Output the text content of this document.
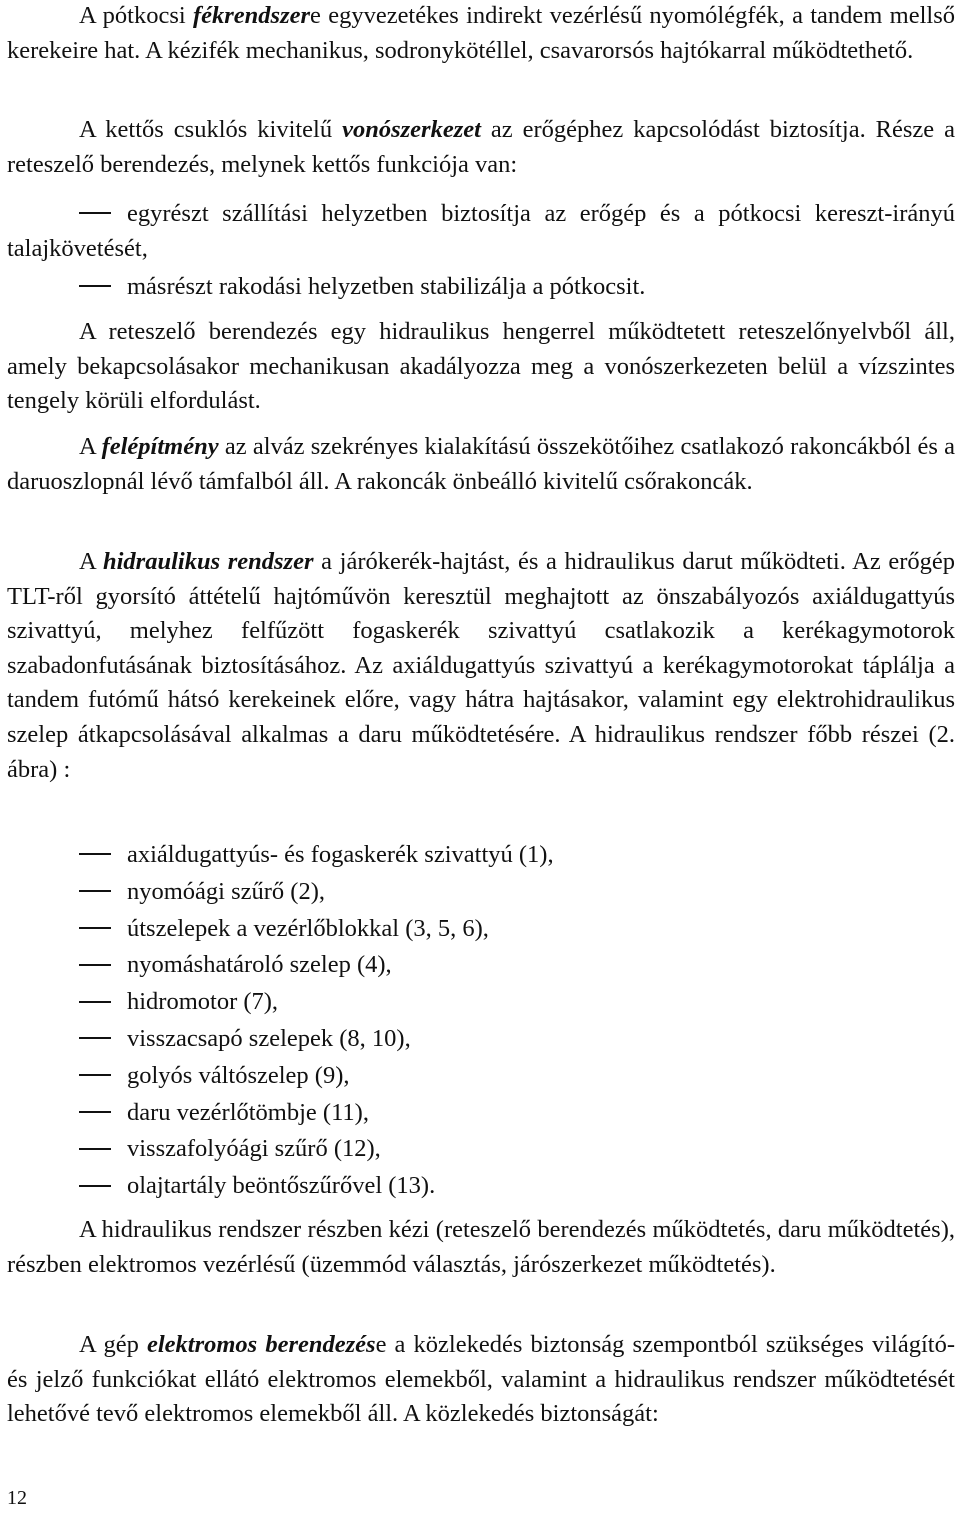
A pótkocsi fékrendszere egyvezetékes indirekt vezérlésű nyomólégfék, a tandem mellső kerekeire hat. A kézifék mechanikus, sodronykötéllel, csavarorsós hajtókarral működtethető.

A kettős csuklós kivitelű vonószerkezet az erőgéphez kapcsolódást biztosítja. Része a reteszelő berendezés, melynek kettős funkciója van:

egyrészt szállítási helyzetben biztosítja az erőgép és a pótkocsi kereszt-irányú talajkövetését,

másrészt rakodási helyzetben stabilizálja a pótkocsit.

A reteszelő berendezés egy hidraulikus hengerrel működtetett reteszelőnyelvből áll, amely bekapcsolásakor mechanikusan akadályozza meg a vonószerkezeten belül a vízszintes tengely körüli elfordulást.

A felépítmény az alváz szekrényes kialakítású összekötőihez csatlakozó rakoncákból és a daruoszlopnál lévő támfalból áll. A rakoncák önbeálló kivitelű csőrakoncák.

A hidraulikus rendszer a járókerék-hajtást, és a hidraulikus darut működteti. Az erőgép TLT-ről gyorsító áttételű hajtóművön keresztül meghajtott az önszabályozós axiáldugattyús szivattyú, melyhez felfűzött fogaskerék szivattyú csatlakozik a kerékagymotorok szabadonfutásának biztosításához. Az axiáldugattyús szivattyú a kerékagymotorokat táplálja a tandem futómű hátsó kerekeinek előre, vagy hátra hajtásakor, valamint egy elektrohidraulikus szelep átkapcsolásával alkalmas a daru működtetésére. A hidraulikus rendszer főbb részei (2. ábra) :

axiáldugattyús- és fogaskerék szivattyú (1),
nyomóági szűrő (2),
útszelepek a vezérlőblokkal (3, 5, 6),
nyomáshatároló szelep (4),
hidromotor (7),
visszacsapó szelepek (8, 10),
golyós váltószelep (9),
daru vezérlőtömbje (11),
visszafolyóági szűrő (12),
olajtartály beöntőszűrővel (13).

A hidraulikus rendszer részben kézi (reteszelő berendezés működtetés, daru működtetés), részben elektromos vezérlésű (üzemmód választás, járószerkezet működtetés).

A gép elektromos berendezése a közlekedés biztonság szempontból szükséges világító- és jelző funkciókat ellátó elektromos elemekből, valamint a hidraulikus rendszer működtetését lehetővé tevő elektromos elemekből áll. A közlekedés biztonságát:

12
